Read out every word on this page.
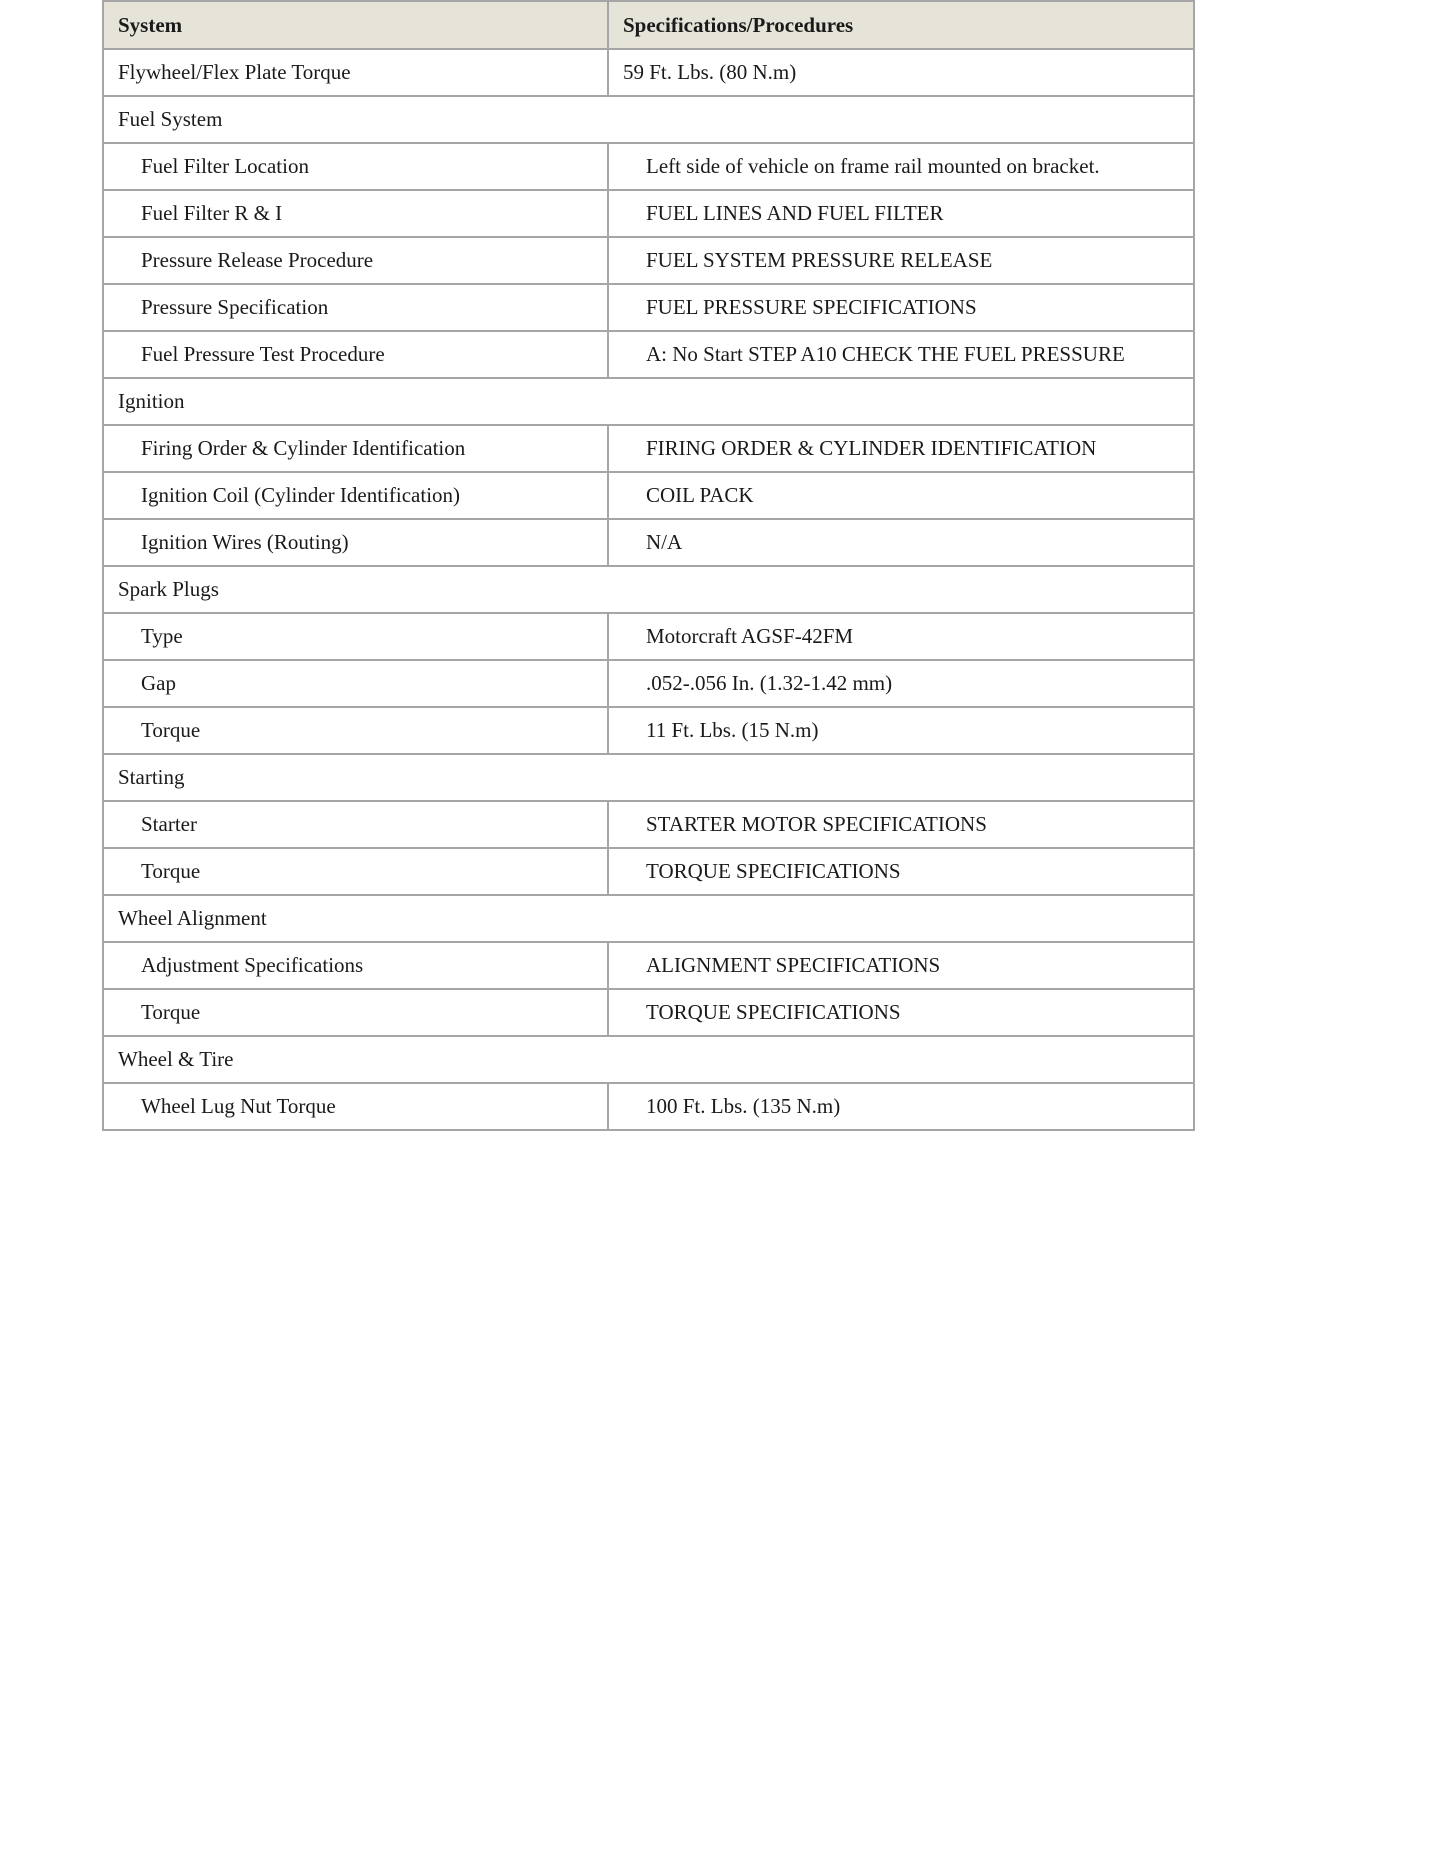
System	Specifications/Procedures
Flywheel/Flex Plate Torque	59 Ft. Lbs. (80 N.m)
Fuel System	
Fuel Filter Location	Left side of vehicle on frame rail mounted on bracket.
Fuel Filter R & I	FUEL LINES AND FUEL FILTER
Pressure Release Procedure	FUEL SYSTEM PRESSURE RELEASE
Pressure Specification	FUEL PRESSURE SPECIFICATIONS
Fuel Pressure Test Procedure	A: No Start STEP A10 CHECK THE FUEL PRESSURE
Ignition	
Firing Order & Cylinder Identification	FIRING ORDER & CYLINDER IDENTIFICATION
Ignition Coil (Cylinder Identification)	COIL PACK
Ignition Wires (Routing)	N/A
Spark Plugs	
Type	Motorcraft AGSF-42FM
Gap	.052-.056 In. (1.32-1.42 mm)
Torque	11 Ft. Lbs. (15 N.m)
Starting	
Starter	STARTER MOTOR SPECIFICATIONS
Torque	TORQUE SPECIFICATIONS
Wheel Alignment	
Adjustment Specifications	ALIGNMENT SPECIFICATIONS
Torque	TORQUE SPECIFICATIONS
Wheel & Tire	
Wheel Lug Nut Torque	100 Ft. Lbs. (135 N.m)
